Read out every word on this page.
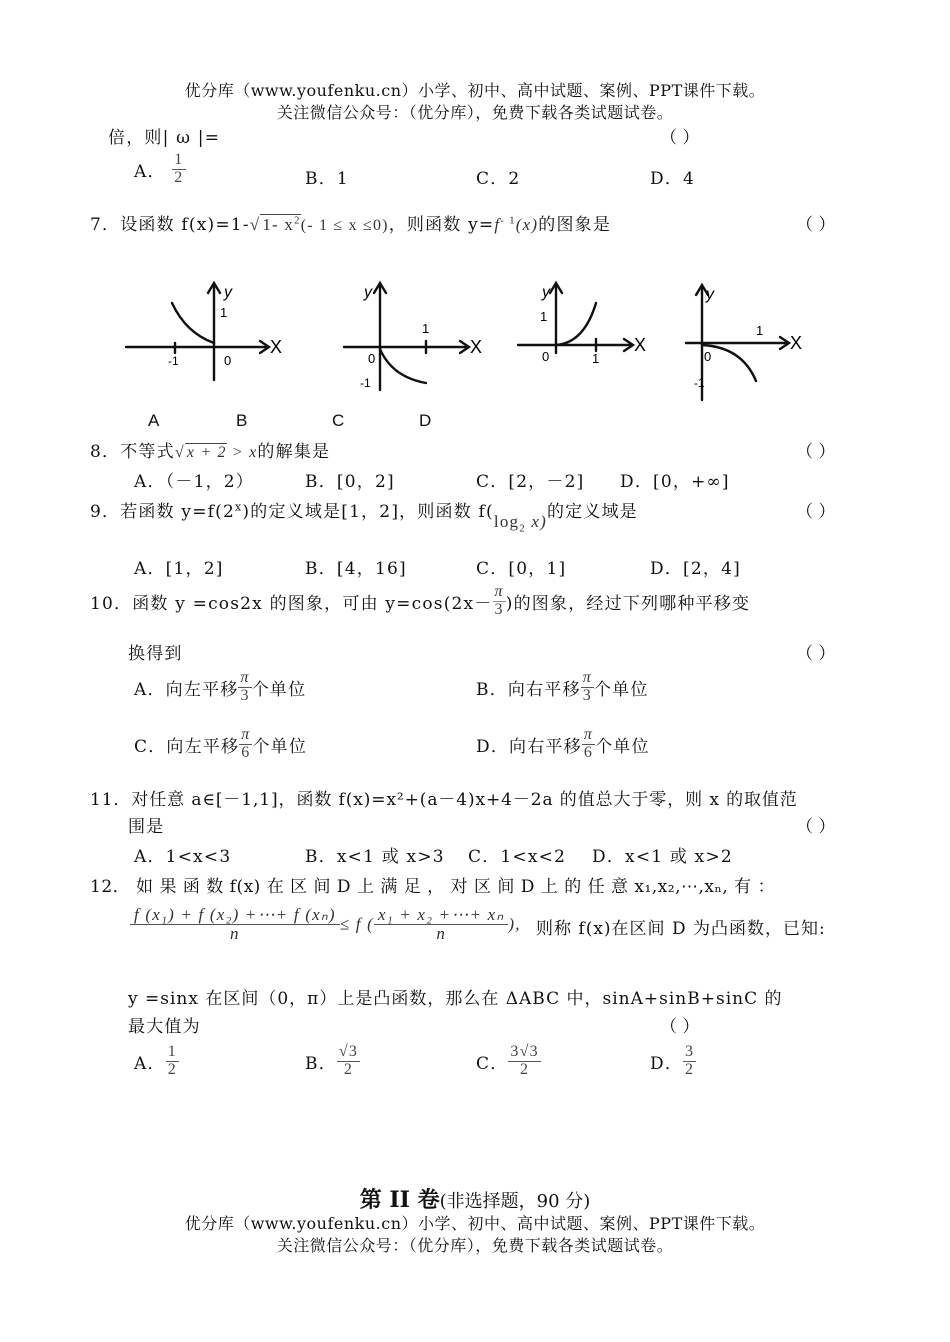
优分库（www.youfenku.cn）小学、初中、高中试题、案例、PPT课件下载。
关注微信公众号：（优分库），免费下载各类试题试卷。
倍，则| ω |=	（ ）
A． $\frac{1}{2}$	B．1	C．2	D．4
7．设函数 f(x)=1-√ 1- $x^2(-$ 1 ≤ x ≤0)，则函数 $y=f^{- 1}(x)$的图象是	（ ）
y
X
1
-1	0
y
X
1
0
-1
y
X
1
0	1
y
X
1
0
-1
A	B	C	D
8．不等式√ x + 2 > x的解集是	（ ）
A．（－1，2）	B．[0，2]	C．[2，－2] D．[0，+∞]
9．若函数 $y=f(2^x)$的定义域是[1，2]，则函数 $f(\log_2$ x)的定义域是	（ ）
A．[1，2]	B．[4，16]	C．[0，1]	D．[2，4]
10．函数 y =cos2x 的图象，可由 $y=\cos(2x- \frac{\pi}{3}$ )的图象，经过下列哪种平移变
换得到	（ ）
A．向左平移 $\frac{\pi}{3}$ 个单位	B．向右平移 $\frac{\pi}{3}$ 个单位
C．向左平移 $\frac{\pi}{6}$ 个单位	D．向右平移 $\frac{\pi}{6}$ 个单位
11．对任意 a∈[－1,1]，函数 f(x)=x²+(a－4)x+4－2a 的值总大于零，则 x 的取值范
围是	（ ）
A．1<x<3	B．x<1 或 x>3 C．1<x<2 D．x<1 或 x>2
12． 如 果 函 数 f(x) 在 区 间 D 上 满 足 ， 对 区 间 D 上 的 任 意 x₁,x₂,⋯,xₙ, 有 ：
$\frac{\text{f (x₁) + f (x₂) +⋯+ f (xₙ)}}{n} \le f$ ( $\frac{\text{x₁ + x₂ +⋯+ xₙ}}{n}$ ), 则称 f(x)在区间 D 为凸函数，已知:
y =sinx 在区间（0，π）上是凸函数，那么在 ΔABC 中，sinA+sinB+sinC 的
最大值为	（ ）
A． $\frac{1}{2}$	B． $\frac{√3}{2}$	C． $\frac{3√3}{2}$	D． $\frac{3}{2}$
第 II 卷(非选择题，90 分)
优分库（www.youfenku.cn）小学、初中、高中试题、案例、PPT课件下载。
关注微信公众号：（优分库），免费下载各类试题试卷。
